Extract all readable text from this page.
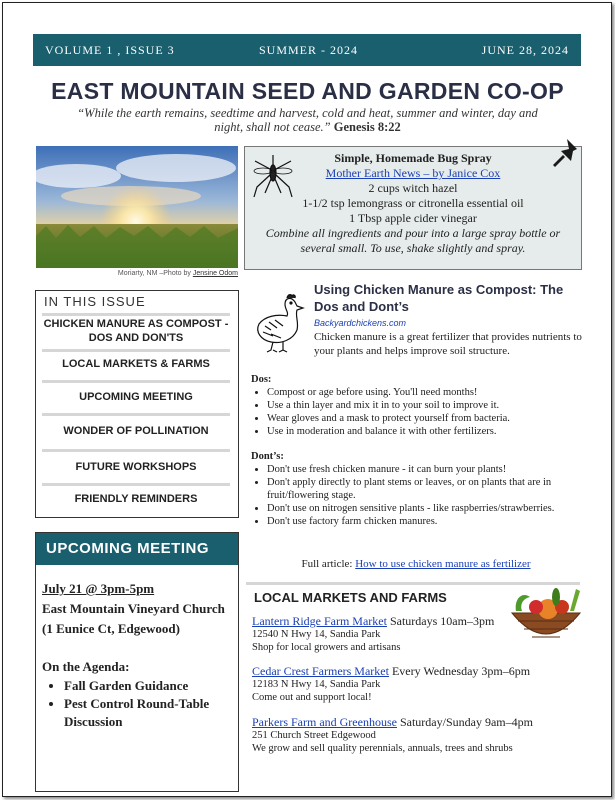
VOLUME 1 , ISSUE 3	SUMMER - 2024	JUNE 28, 2024
EAST MOUNTAIN SEED AND GARDEN CO-OP
“While the earth remains, seedtime and harvest, cold and heat, summer and winter, day and night, shall not cease.” Genesis 8:22
Moriarty, NM –Photo by Jensine Odom
Simple, Homemade Bug Spray
Mother Earth News – by Janice Cox
2 cups witch hazel
1-1/2 tsp lemongrass or citronella essential oil
1 Tbsp apple cider vinegar
Combine all ingredients and pour into a large spray bottle or several small. To use, shake slightly and spray.
IN THIS ISSUE
CHICKEN MANURE AS COMPOST - DOS AND DON'TS
LOCAL MARKETS & FARMS
UPCOMING MEETING
WONDER OF POLLINATION
FUTURE WORKSHOPS
FRIENDLY REMINDERS
UPCOMING MEETING
July 21 @ 3pm-5pm
East Mountain Vineyard Church
(1 Eunice Ct, Edgewood)
On the Agenda:
• Fall Garden Guidance
• Pest Control Round-Table Discussion
Using Chicken Manure as Compost: The Dos and Dont’s
Backyardchickens.com
Chicken manure is a great fertilizer that provides nutrients to your plants and helps improve soil structure.
Dos:
• Compost or age before using. You'll need months!
• Use a thin layer and mix it in to your soil to improve it.
• Wear gloves and a mask to protect yourself from bacteria.
• Use in moderation and balance it with other fertilizers.
Dont’s:
• Don't use fresh chicken manure - it can burn your plants!
• Don't apply directly to plant stems or leaves, or on plants that are in fruit/flowering stage.
• Don't use on nitrogen sensitive plants - like raspberries/strawberries.
• Don't use factory farm chicken manures.
Full article: How to use chicken manure as fertilizer
LOCAL MARKETS AND FARMS
Lantern Ridge Farm Market Saturdays 10am–3pm
12540 N Hwy 14, Sandia Park
Shop for local growers and artisans
Cedar Crest Farmers Market Every Wednesday 3pm–6pm
12183 N Hwy 14, Sandia Park
Come out and support local!
Parkers Farm and Greenhouse Saturday/Sunday 9am–4pm
251 Church Street Edgewood
We grow and sell quality perennials, annuals, trees and shrubs
